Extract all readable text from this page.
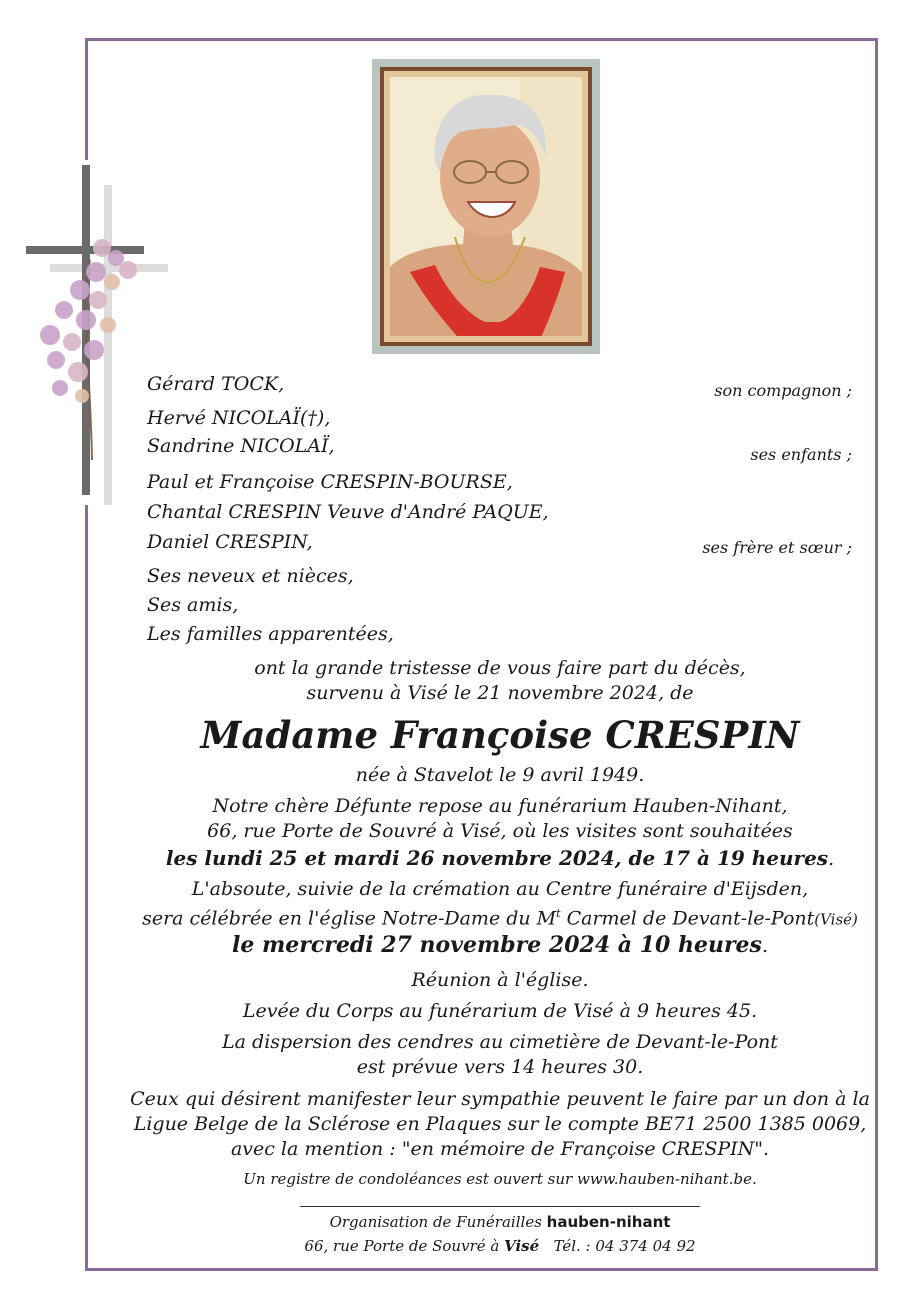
Gérard TOCK,	son compagnon ;
Hervé NICOLAÏ(†),
Sandrine NICOLAÏ,	ses enfants ;
Paul et Françoise CRESPIN-BOURSE,
Chantal CRESPIN Veuve d'André PAQUE,
Daniel CRESPIN,	ses frère et sœur ;
Ses neveux et nièces,
Ses amis,
Les familles apparentées,
ont la grande tristesse de vous faire part du décès,
survenu à Visé le 21 novembre 2024, de
Madame Françoise CRESPIN
née à Stavelot le 9 avril 1949.
Notre chère Défunte repose au funérarium Hauben-Nihant,
66, rue Porte de Souvré à Visé, où les visites sont souhaitées
les lundi 25 et mardi 26 novembre 2024, de 17 à 19 heures.
L'absoute, suivie de la crémation au Centre funéraire d'Eijsden,
sera célébrée en l'église Notre-Dame du $M^t$ Carmel de Devant-le-Pont(Visé)
le mercredi 27 novembre 2024 à 10 heures.
Réunion à l'église.
Levée du Corps au funérarium de Visé à 9 heures 45.
La dispersion des cendres au cimetière de Devant-le-Pont
est prévue vers 14 heures 30.
Ceux qui désirent manifester leur sympathie peuvent le faire par un don à la
Ligue Belge de la Sclérose en Plaques sur le compte BE71 2500 1385 0069,
avec la mention : "en mémoire de Françoise CRESPIN".
Un registre de condoléances est ouvert sur www.hauben-nihant.be.
Organisation de Funérailles hauben-nihant
66, rue Porte de Souvré à Visé Tél. : 04 374 04 92
